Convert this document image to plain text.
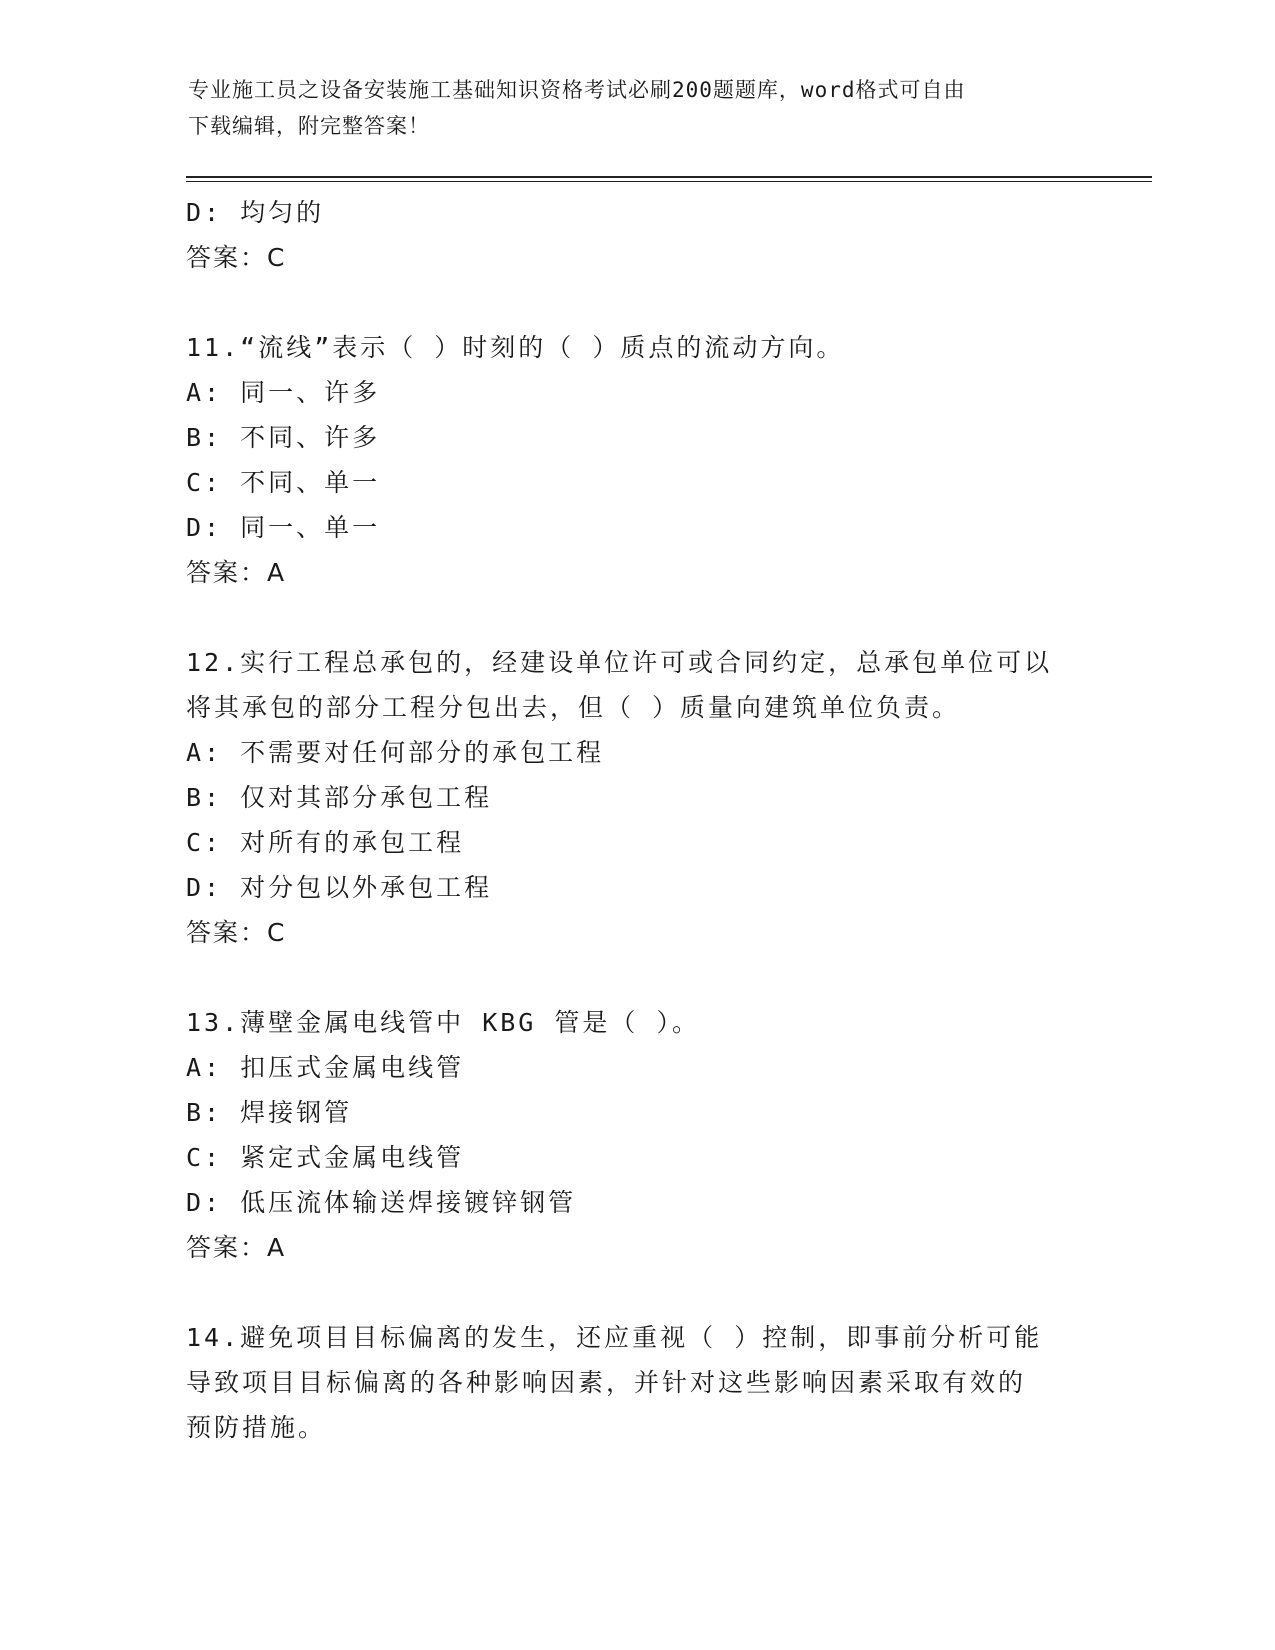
专业施工员之设备安装施工基础知识资格考试必刷200题题库，word格式可自由
下载编辑，附完整答案！

D: 均匀的

答案：C

11.“流线”表示（ ）时刻的（ ）质点的流动方向。

A: 同一、许多

B: 不同、许多

C: 不同、单一

D: 同一、单一

答案：A

12.实行工程总承包的，经建设单位许可或合同约定，总承包单位可以

将其承包的部分工程分包出去，但（ ）质量向建筑单位负责。

A: 不需要对任何部分的承包工程

B: 仅对其部分承包工程

C: 对所有的承包工程

D: 对分包以外承包工程

答案：C

13.薄壁金属电线管中 KBG 管是（ ）。

A: 扣压式金属电线管

B: 焊接钢管

C: 紧定式金属电线管

D: 低压流体输送焊接镀锌钢管

答案：A

14.避免项目目标偏离的发生，还应重视（ ）控制，即事前分析可能

导致项目目标偏离的各种影响因素，并针对这些影响因素采取有效的

预防措施。
